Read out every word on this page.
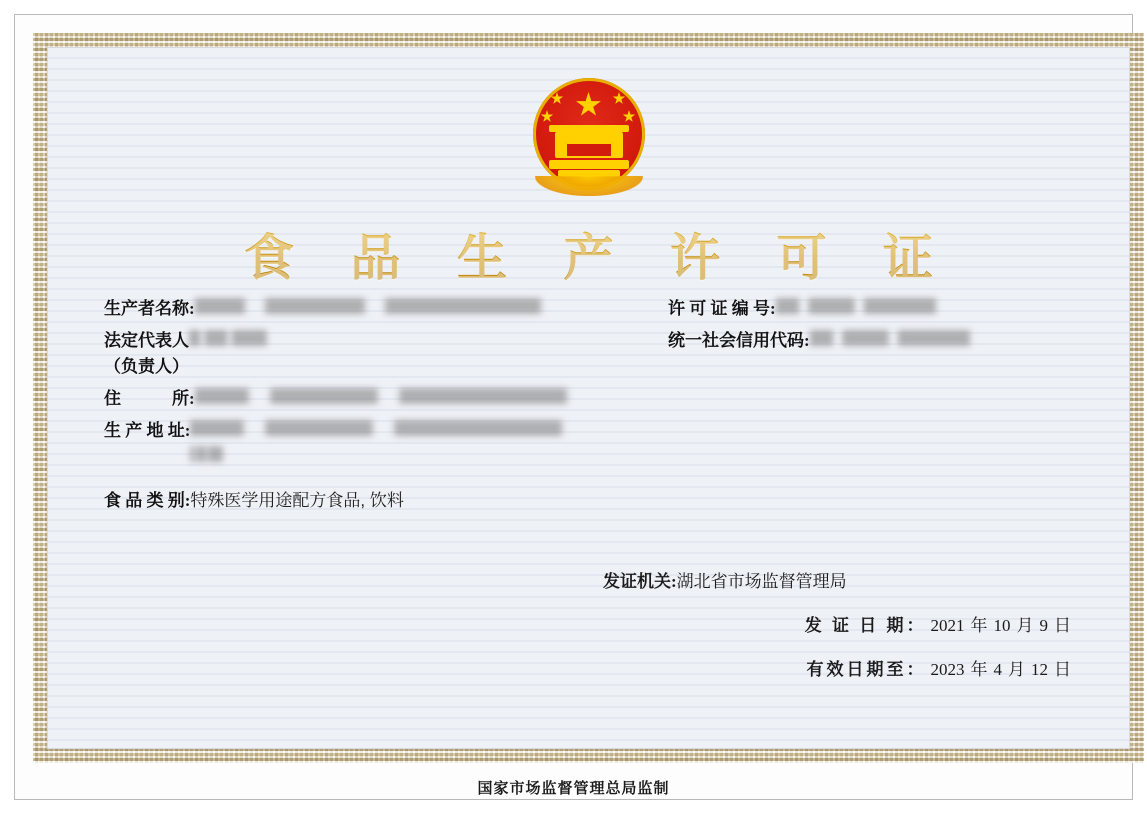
食 品 生 产 许 可 证
生产者名称:
	许 可 证 编 号:

法定代表人

（负责人）
统一社会信用代码:

住　　　所 :

生 产 地 址:

食 品 类 别: 特殊医学用途配方食品, 饮料
发证机关: 湖北省市场监督管理局
发 证 日 期： 2021 年 10 月 9 日
有效日期至： 2023 年 4 月 12 日
国家市场监督管理总局监制
